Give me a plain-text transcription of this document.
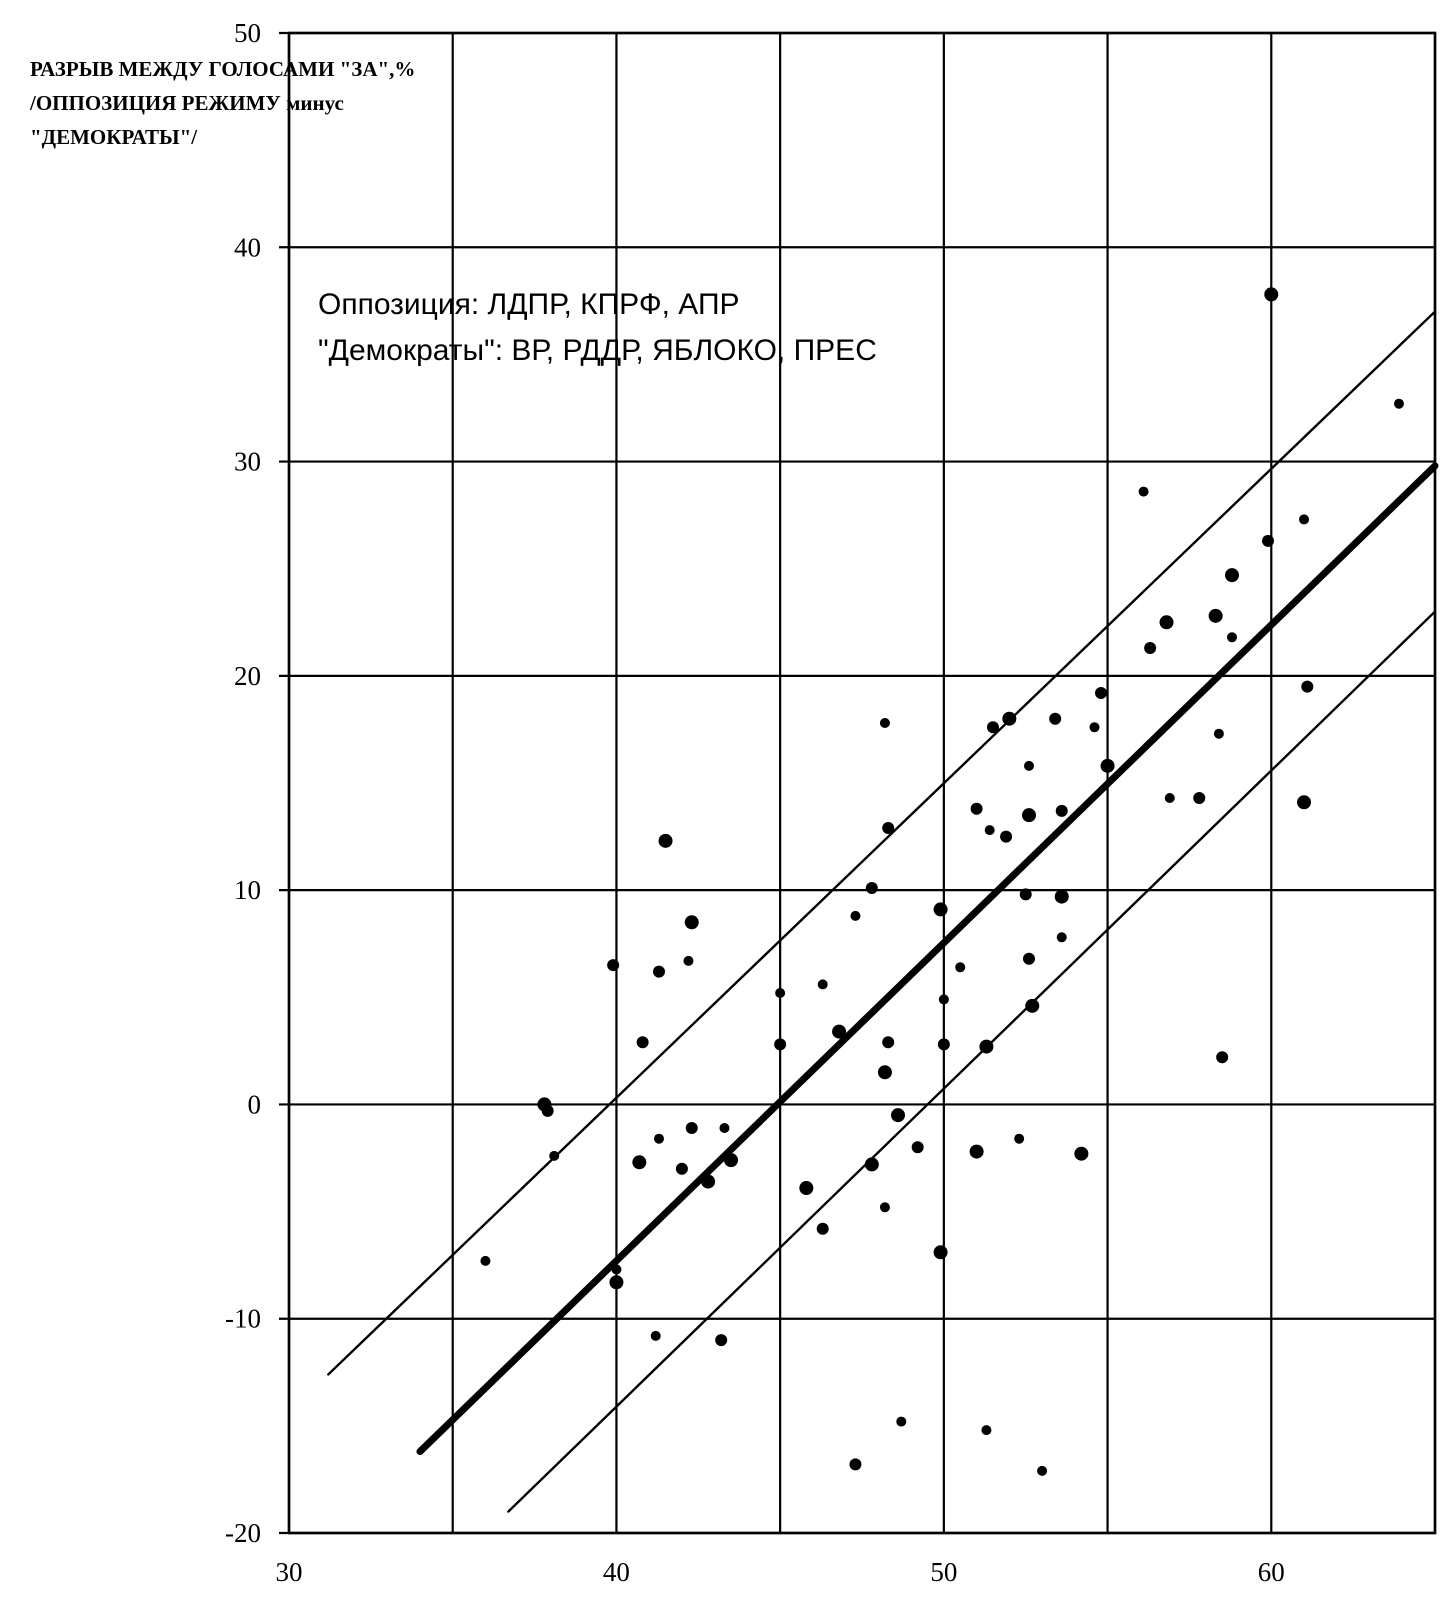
РАЗРЫВ МЕЖДУ ГОЛОСАМИ "ЗА",%
/ОППОЗИЦИЯ РЕЖИМУ минус
"ДЕМОКРАТЫ"/
50
40
30
20
10
0
-10
-20
30	40	50	60
Оппозиция: ЛДПР, КПРФ, АПР
"Демократы": ВР, РДДР, ЯБЛОКО, ПРЕС
